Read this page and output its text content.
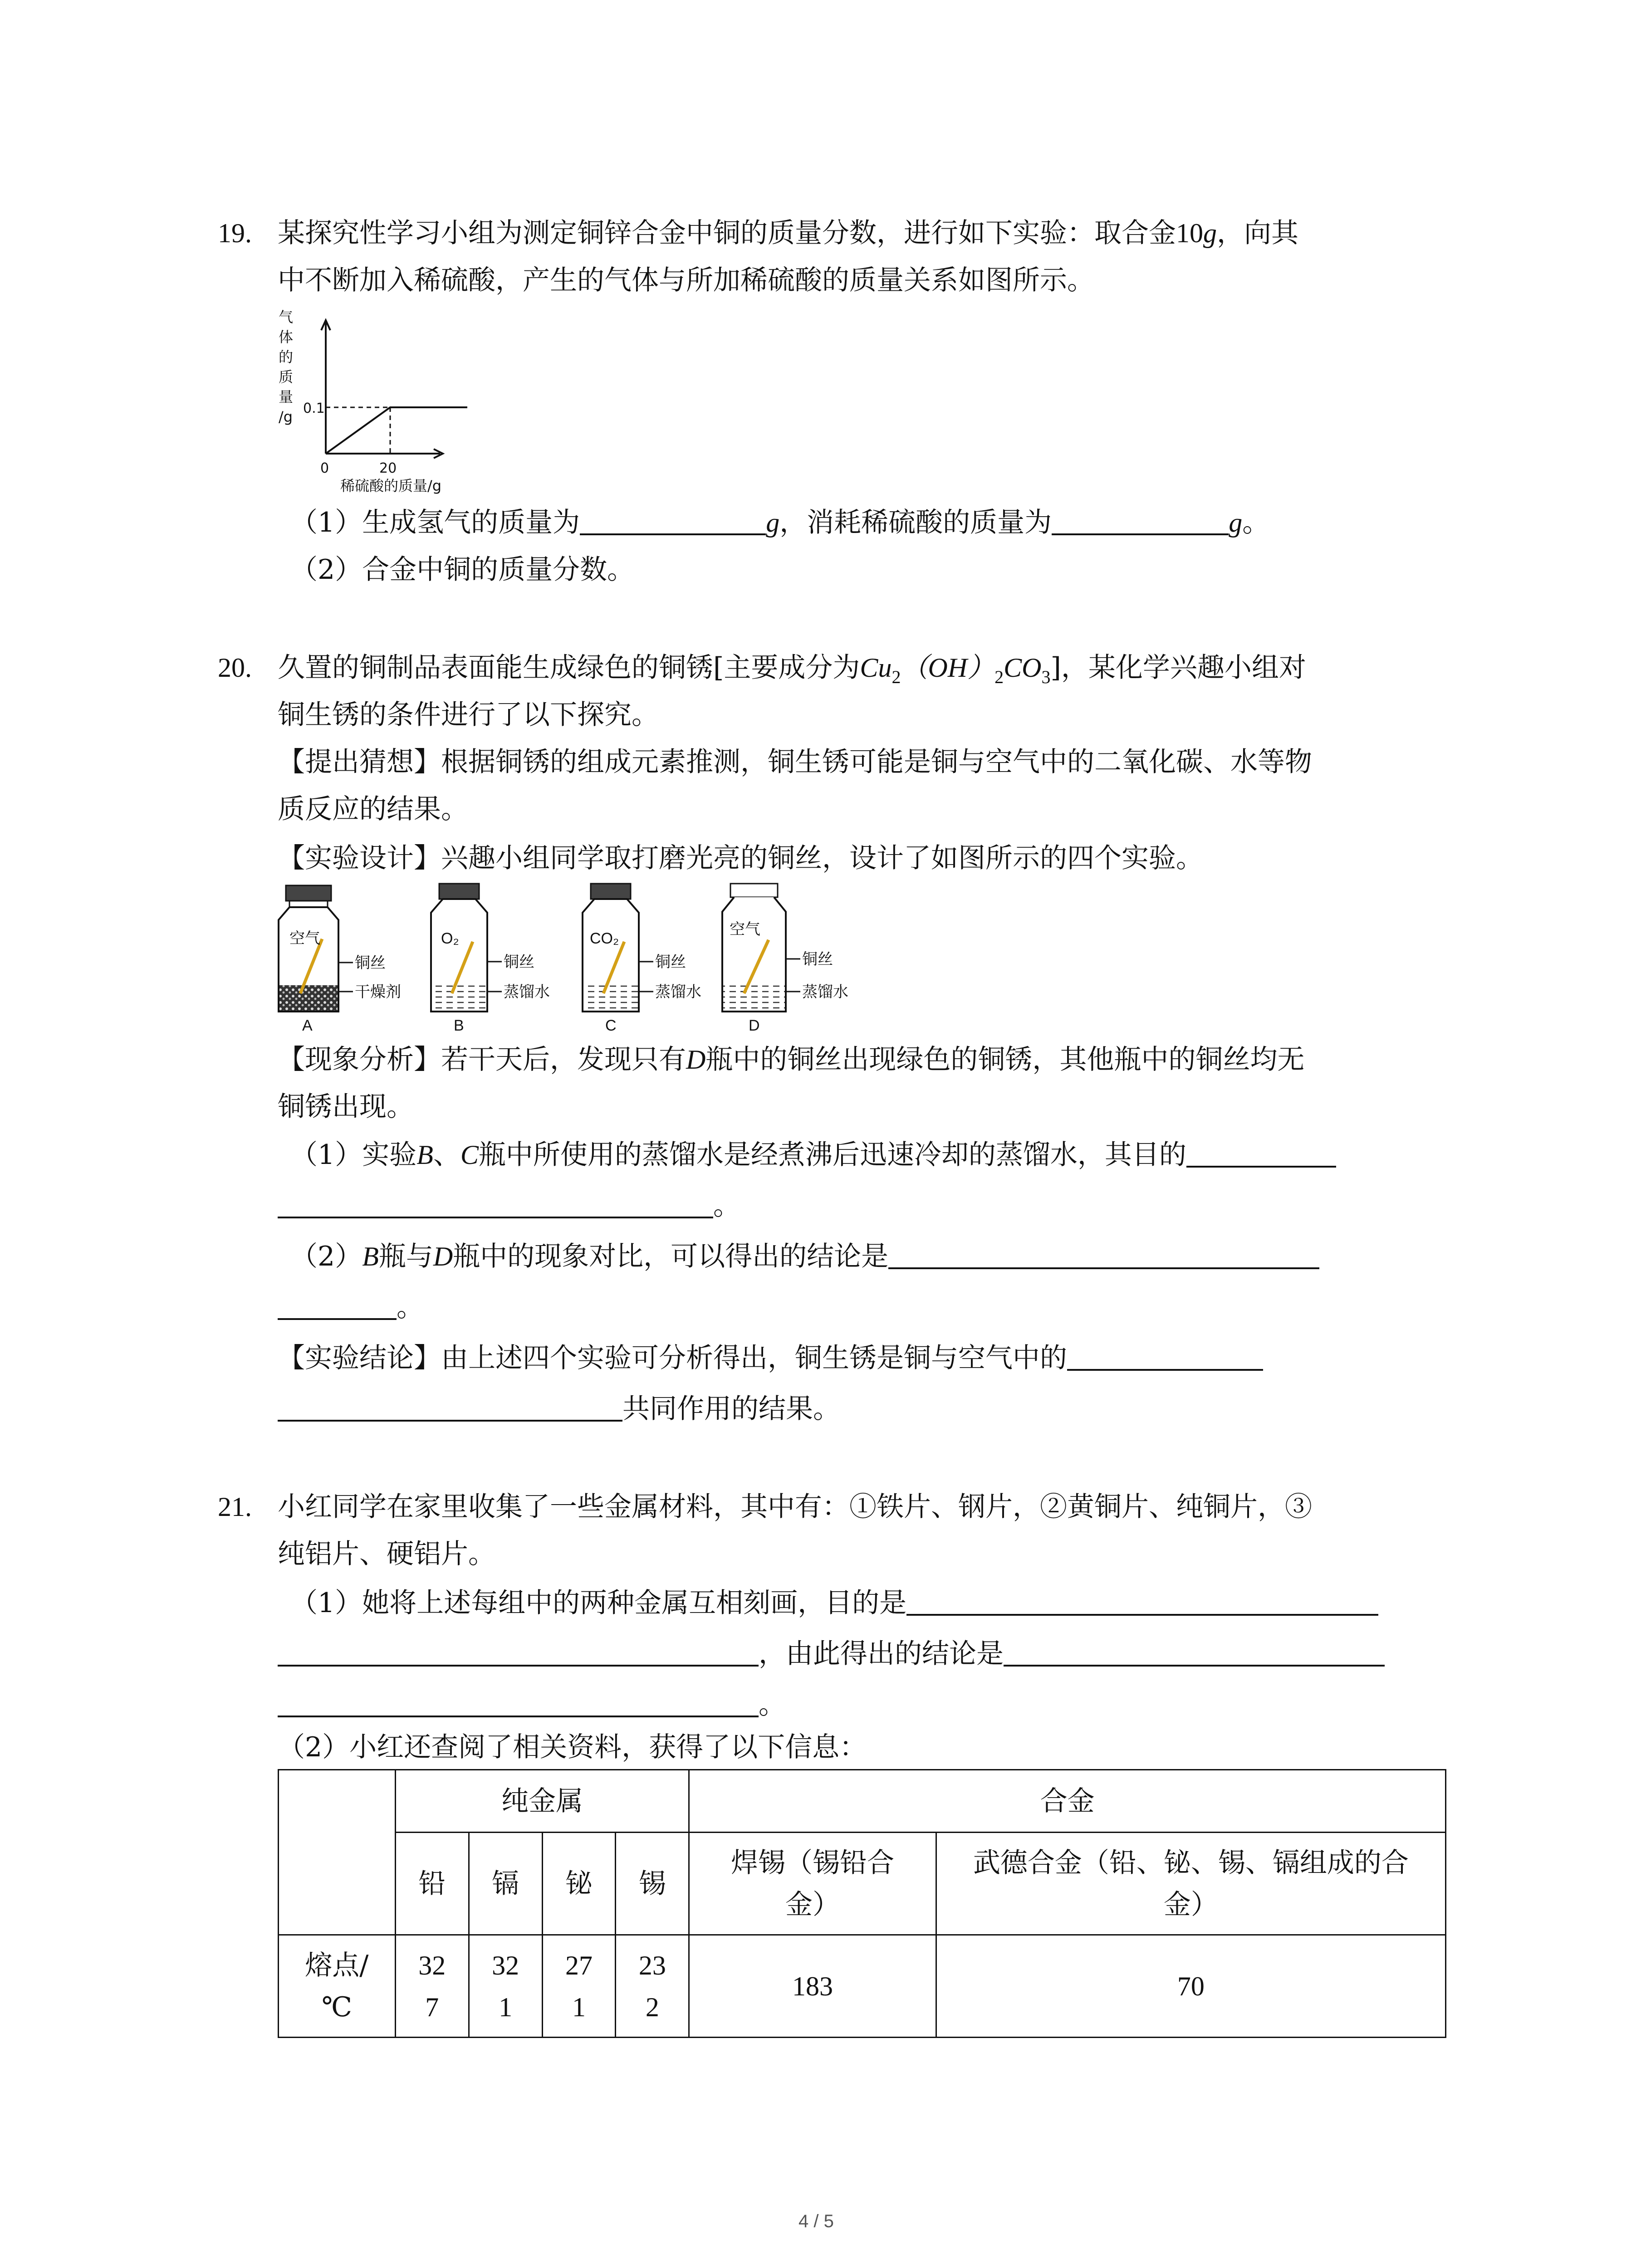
19. 某探究性学习小组为测定铜锌合金中铜的质量分数，进行如下实验：取合金10g，向其
中不断加入稀硫酸，产生的气体与所加稀硫酸的质量关系如图所示。
气
体
的
质
量
/g 0.1
0	20
稀硫酸的质量/g
（1）生成氢气的质量为	g，消耗稀硫酸的质量为	g。
（2）合金中铜的质量分数。
20. 久置的铜制品表面能生成绿色的铜锈[主要成分为$Cu_2(OH)_2CO_3$]，某化学兴趣小组对
铜生锈的条件进行了以下探究。
【提出猜想】根据铜锈的组成元素推测，铜生锈可能是铜与空气中的二氧化碳、水等物
质反应的结果。
【实验设计】兴趣小组同学取打磨光亮的铜丝，设计了如图所示的四个实验。
空气
铜丝
干燥剂
A
O₂
铜丝
蒸馏水
B
CO₂
铜丝
蒸馏水
C
空气
铜丝
蒸馏水
D
【现象分析】若干天后，发现只有D瓶中的铜丝出现绿色的铜锈，其他瓶中的铜丝均无
铜锈出现。
（1）实验B、C瓶中所使用的蒸馏水是经煮沸后迅速冷却的蒸馏水，其目的
。
（2）B瓶与D瓶中的现象对比，可以得出的结论是
。
【实验结论】由上述四个实验可分析得出，铜生锈是铜与空气中的
共同作用的结果。
21. 小红同学在家里收集了一些金属材料，其中有：①铁片、钢片，②黄铜片、纯铜片，③
纯铝片、硬铝片。
（1）她将上述每组中的两种金属互相刻画，目的是
，由此得出的结论是
。
（2）小红还查阅了相关资料，获得了以下信息：
	纯金属				合金	
	铅	镉	铋	锡	焊锡（锡铅合金）	武德合金（铅、铋、锡、镉组成的合金）
熔点/℃	327	321	271	232	183	70
4 / 5
